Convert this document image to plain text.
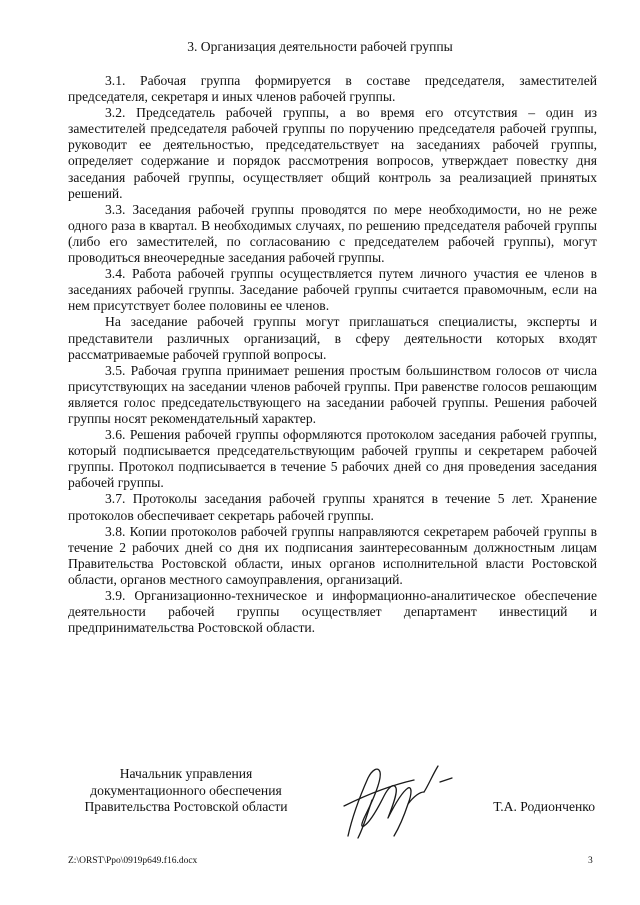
3. Организация деятельности рабочей группы

3.1. Рабочая группа формируется в составе председателя, заместителей председателя, секретаря и иных членов рабочей группы.

3.2. Председатель рабочей группы, а во время его отсутствия – один из заместителей председателя рабочей группы по поручению председателя рабочей группы, руководит ее деятельностью, председательствует на заседаниях рабочей группы, определяет содержание и порядок рассмотрения вопросов, утверждает повестку дня заседания рабочей группы, осуществляет общий контроль за реализацией принятых решений.

3.3. Заседания рабочей группы проводятся по мере необходимости, но не реже одного раза в квартал. В необходимых случаях, по решению председателя рабочей группы (либо его заместителей, по согласованию с председателем рабочей группы), могут проводиться внеочередные заседания рабочей группы.

3.4. Работа рабочей группы осуществляется путем личного участия ее членов в заседаниях рабочей группы. Заседание рабочей группы считается правомочным, если на нем присутствует более половины ее членов.

На заседание рабочей группы могут приглашаться специалисты, эксперты и представители различных организаций, в сферу деятельности которых входят рассматриваемые рабочей группой вопросы.

3.5. Рабочая группа принимает решения простым большинством голосов от числа присутствующих на заседании членов рабочей группы. При равенстве голосов решающим является голос председательствующего на заседании рабочей группы. Решения рабочей группы носят рекомендательный характер.

3.6. Решения рабочей группы оформляются протоколом заседания рабочей группы, который подписывается председательствующим рабочей группы и секретарем рабочей группы. Протокол подписывается в течение 5 рабочих дней со дня проведения заседания рабочей группы.

3.7. Протоколы заседания рабочей группы хранятся в течение 5 лет. Хранение протоколов обеспечивает секретарь рабочей группы.

3.8. Копии протоколов рабочей группы направляются секретарем рабочей группы в течение 2 рабочих дней со дня их подписания заинтересованным должностным лицам Правительства Ростовской области, иных органов исполнительной власти Ростовской области, органов местного самоуправления, организаций.

3.9. Организационно-техническое и информационно-аналитическое обеспечение деятельности рабочей группы осуществляет департамент инвестиций и предпринимательства Ростовской области.

Начальник управления
документационного обеспечения
Правительства Ростовской области	Т.А. Родионченко
Z:\ORST\Ppo\0919p649.f16.docx	3
